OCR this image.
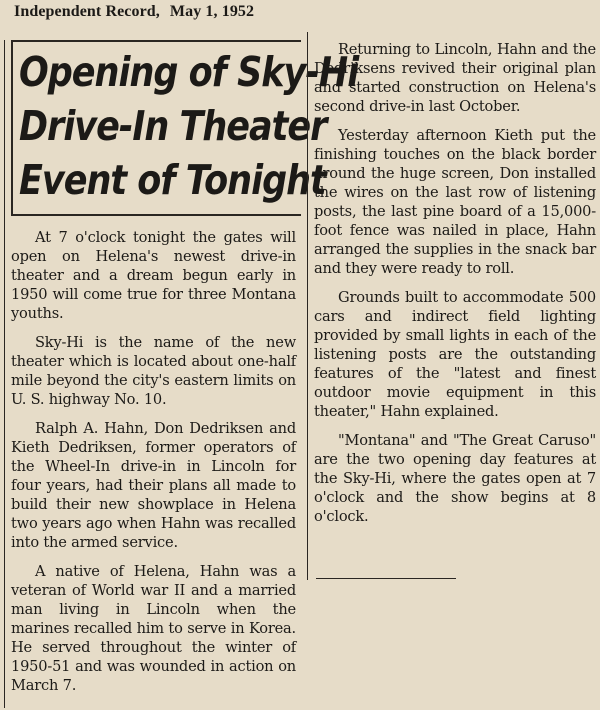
Independent Record, May 1, 1952
Opening of Sky-Hi
Drive-In Theater
Event of Tonight

At 7 o'clock tonight the gates will open on Helena's newest drive-in theater and a dream begun early in 1950 will come true for three Montana youths.

Sky-Hi is the name of the new theater which is located about one-half mile beyond the city's eastern limits on U. S. highway No. 10.

Ralph A. Hahn, Don Dedriksen and Kieth Dedriksen, former operators of the Wheel-In drive-in in Lincoln for four years, had their plans all made to build their new showplace in Helena two years ago when Hahn was recalled into the armed service.

A native of Helena, Hahn was a veteran of World war II and a married man living in Lincoln when the marines recalled him to serve in Korea. He served throughout the winter of 1950-51 and was wounded in action on March 7.

Returning to Lincoln, Hahn and the Dedriksens revived their original plan and started construction on Helena's second drive-in last October.

Yesterday afternoon Kieth put the finishing touches on the black border around the huge screen, Don installed the wires on the last row of listening posts, the last pine board of a 15,000-foot fence was nailed in place, Hahn arranged the supplies in the snack bar and they were ready to roll.

Grounds built to accommodate 500 cars and indirect field lighting provided by small lights in each of the listening posts are the outstanding features of the "latest and finest outdoor movie equipment in this theater," Hahn explained.

"Montana" and "The Great Caruso" are the two opening day features at the Sky-Hi, where the gates open at 7 o'clock and the show begins at 8 o'clock.
